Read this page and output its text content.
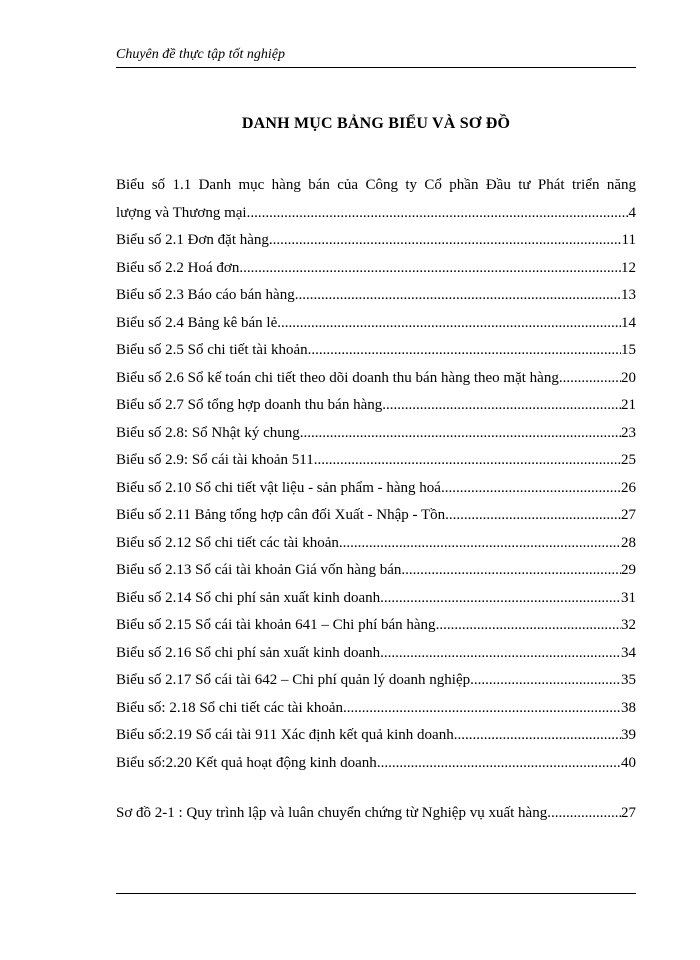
Chuyên đề thực tập tốt nghiệp
DANH MỤC BẢNG BIỂU VÀ SƠ ĐỒ
Biểu số 1.1 Danh mục hàng bán của Công ty Cổ phần Đầu tư Phát triển năng
lượng và Thương mại .....	4
Biểu số 2.1 Đơn đặt hàng .....	11
Biểu số 2.2 Hoá đơn .....	12
Biểu số 2.3 Báo cáo bán hàng .....	13
Biểu số 2.4 Bảng kê bán lẻ .....	14
Biểu số 2.5 Sổ chi tiết tài khoản .....	15
Biểu số 2.6 Sổ kế toán chi tiết theo dõi doanh thu bán hàng theo mặt hàng .....	20
Biểu số 2.7 Sổ tổng hợp doanh thu bán hàng .....	21
Biểu số 2.8: Sổ Nhật ký chung .....	23
Biểu số 2.9: Sổ cái tài khoản 511. .....	25
Biểu số 2.10 Sổ chi tiết vật liệu - sản phẩm - hàng hoá .....	26
Biểu số 2.11 Bảng tổng hợp cân đối Xuất - Nhập - Tồn .....	27
Biểu số 2.12 Sổ chi tiết các tài khoản .....	28
Biểu số 2.13 Sổ cái tài khoản Giá vốn hàng bán .....	29
Biểu số 2.14 Sổ chi phí sản xuất kinh doanh .....	31
Biểu số 2.15 Sổ cái tài khoản 641 – Chi phí bán hàng .....	32
Biểu số 2.16 Sổ chi phí sản xuất kinh doanh .....	34
Biểu số 2.17 Sổ cái tài 642 – Chi phí quản lý doanh nghiệp .....	35
Biểu số: 2.18 Sổ chi tiết các tài khoản .....	38
Biểu số:2.19 Sổ cái tài 911 Xác định kết quả kinh doanh .....	39
Biểu số:2.20 Kết quả hoạt động kinh doanh .....	40
Sơ đồ 2-1 : Quy trình lập và luân chuyển chứng từ Nghiệp vụ xuất hàng .....	27
